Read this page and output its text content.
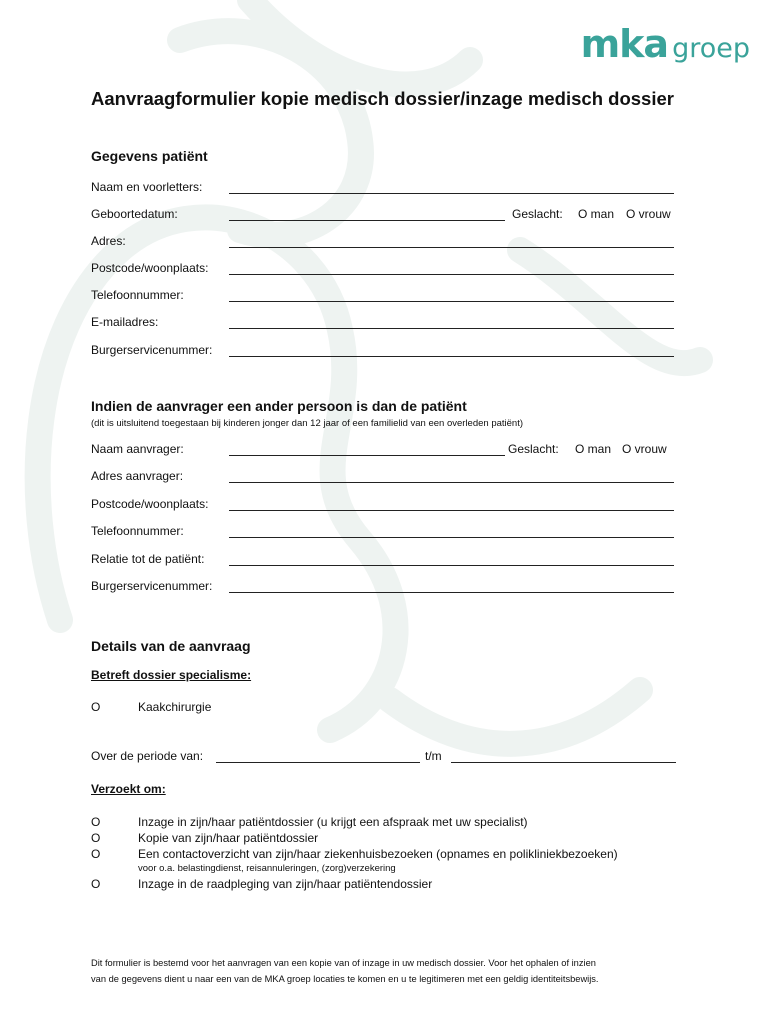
mka groep
Aanvraagformulier kopie medisch dossier/inzage medisch dossier
Gegevens patiënt
Naam en voorletters:
Geboortedatum:	Geslacht: O man O vrouw
Adres:
Postcode/woonplaats:
Telefoonnummer:
E-mailadres:
Burgerservicenummer:
Indien de aanvrager een ander persoon is dan de patiënt
(dit is uitsluitend toegestaan bij kinderen jonger dan 12 jaar of een familielid van een overleden patiënt)
Naam aanvrager:	Geslacht: O man O vrouw
Adres aanvrager:
Postcode/woonplaats:
Telefoonnummer:
Relatie tot de patiënt:
Burgerservicenummer:
Details van de aanvraag
Betreft dossier specialisme:
O	Kaakchirurgie
Over de periode van:	t/m
Verzoekt om:
O	Inzage in zijn/haar patiëntdossier (u krijgt een afspraak met uw specialist)
O	Kopie van zijn/haar patiëntdossier
O	Een contactoverzicht van zijn/haar ziekenhuisbezoeken (opnames en polikliniekbezoeken)
voor o.a. belastingdienst, reisannuleringen, (zorg)verzekering
O	Inzage in de raadpleging van zijn/haar patiëntendossier
Dit formulier is bestemd voor het aanvragen van een kopie van of inzage in uw medisch dossier. Voor het ophalen of inzien
van de gegevens dient u naar een van de MKA groep locaties te komen en u te legitimeren met een geldig identiteitsbewijs.
